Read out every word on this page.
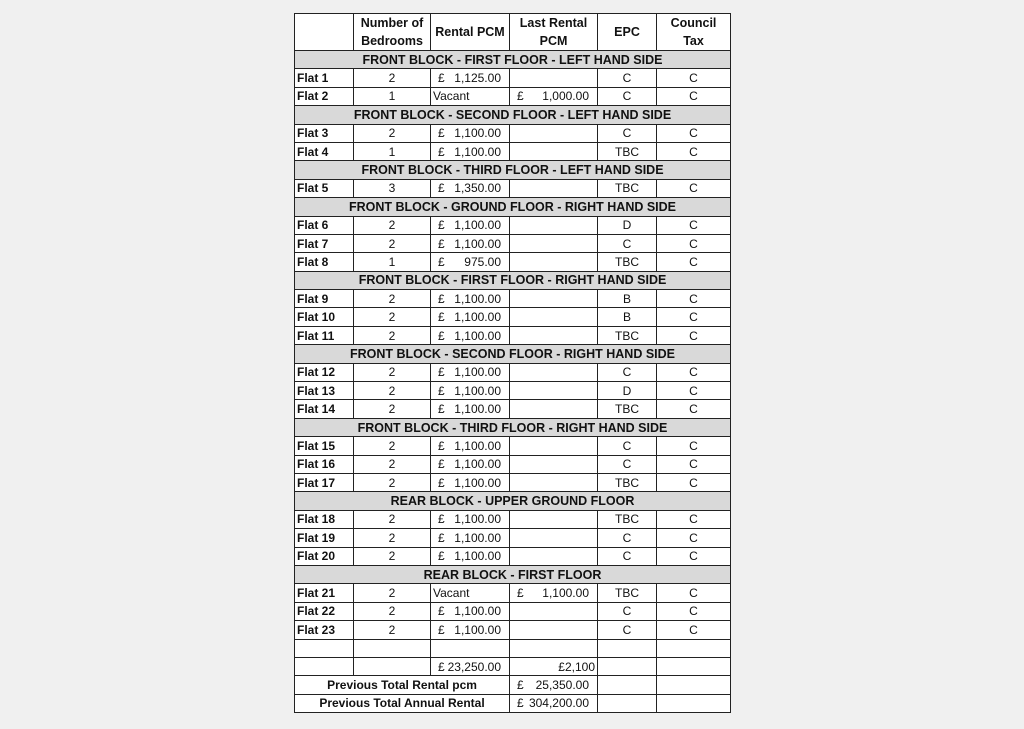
	Number of Bedrooms	Rental PCM	Last Rental PCM	EPC	Council Tax
FRONT BLOCK - FIRST FLOOR - LEFT HAND SIDE					
Flat 1	2	£ 1,125.00		C	C
Flat 2	1	Vacant	£ 1,000.00	C	C
FRONT BLOCK - SECOND FLOOR - LEFT HAND SIDE					
Flat 3	2	£ 1,100.00		C	C
Flat 4	1	£ 1,100.00		TBC	C
FRONT BLOCK - THIRD FLOOR - LEFT HAND SIDE					
Flat 5	3	£ 1,350.00		TBC	C
FRONT BLOCK - GROUND FLOOR - RIGHT HAND SIDE					
Flat 6	2	£ 1,100.00		D	C
Flat 7	2	£ 1,100.00		C	C
Flat 8	1	£ 975.00		TBC	C
FRONT BLOCK - FIRST FLOOR - RIGHT HAND SIDE					
Flat 9	2	£ 1,100.00		B	C
Flat 10	2	£ 1,100.00		B	C
Flat 11	2	£ 1,100.00		TBC	C
FRONT BLOCK - SECOND FLOOR - RIGHT HAND SIDE					
Flat 12	2	£ 1,100.00		C	C
Flat 13	2	£ 1,100.00		D	C
Flat 14	2	£ 1,100.00		TBC	C
FRONT BLOCK - THIRD FLOOR - RIGHT HAND SIDE					
Flat 15	2	£ 1,100.00		C	C
Flat 16	2	£ 1,100.00		C	C
Flat 17	2	£ 1,100.00		TBC	C
REAR BLOCK - UPPER GROUND FLOOR					
Flat 18	2	£ 1,100.00		TBC	C
Flat 19	2	£ 1,100.00		C	C
Flat 20	2	£ 1,100.00		C	C
REAR BLOCK - FIRST FLOOR					
Flat 21	2	Vacant	£ 1,100.00	TBC	C
Flat 22	2	£ 1,100.00		C	C
Flat 23	2	£ 1,100.00		C	C

		£ 23,250.00	£2,100		
Previous Total Rental pcm			£ 25,350.00		

Previous Total Annual Rental			£ 304,200.00		
